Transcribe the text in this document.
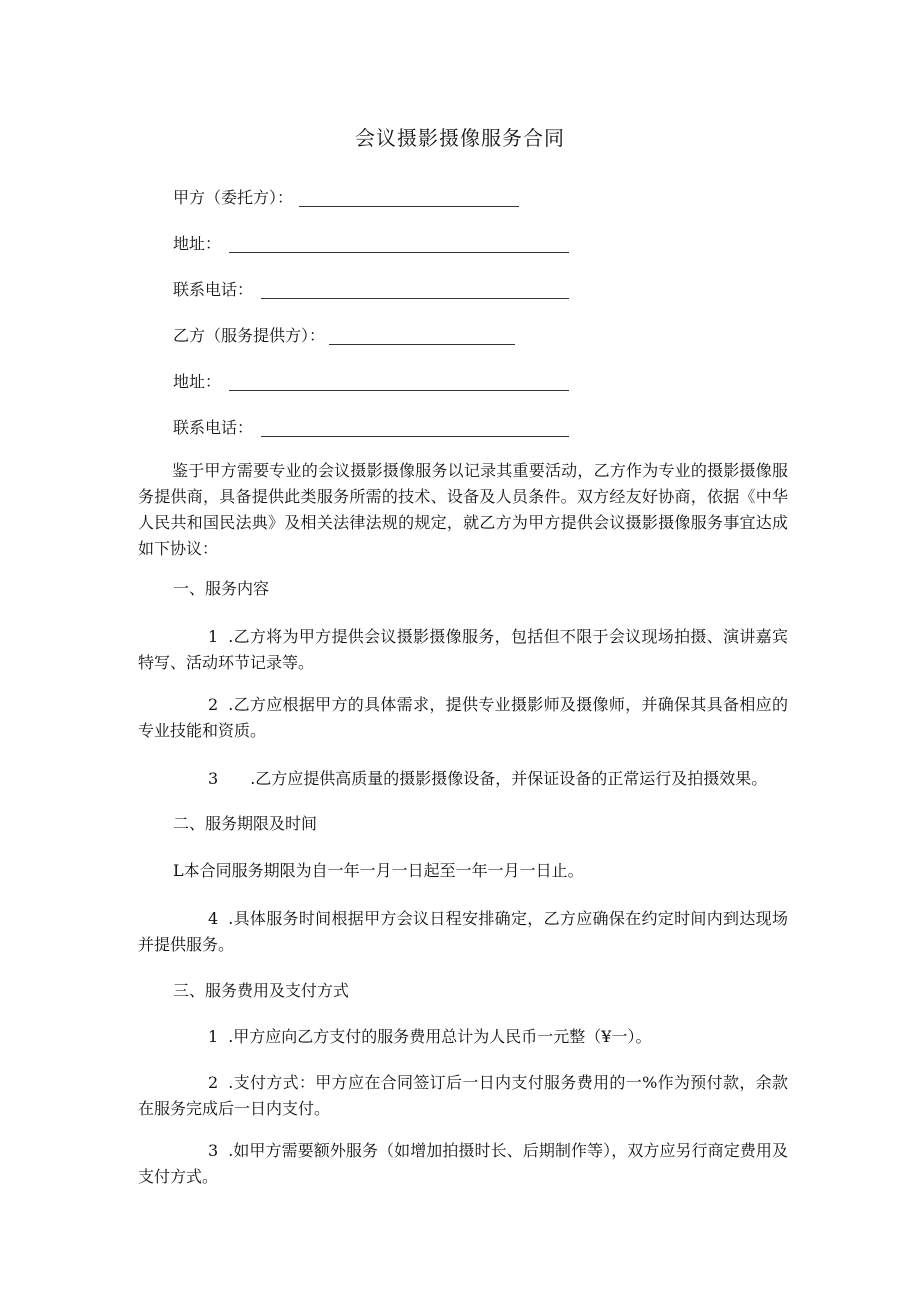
会议摄影摄像服务合同
甲方（委托方）：
地址：
联系电话：
乙方（服务提供方）：
地址：
联系电话：
鉴于甲方需要专业的会议摄影摄像服务以记录其重要活动，乙方作为专业的摄影摄像服务提供商，具备提供此类服务所需的技术、设备及人员条件。双方经友好协商，依据《中华人民共和国民法典》及相关法律法规的规定，就乙方为甲方提供会议摄影摄像服务事宜达成如下协议：
一、服务内容
1 .乙方将为甲方提供会议摄影摄像服务，包括但不限于会议现场拍摄、演讲嘉宾特写、活动环节记录等。
2 .乙方应根据甲方的具体需求，提供专业摄影师及摄像师，并确保其具备相应的专业技能和资质。
3 .乙方应提供高质量的摄影摄像设备，并保证设备的正常运行及拍摄效果。
二、服务期限及时间
L本合同服务期限为自一年一月一日起至一年一月一日止。
4 .具体服务时间根据甲方会议日程安排确定，乙方应确保在约定时间内到达现场并提供服务。
三、服务费用及支付方式
1 .甲方应向乙方支付的服务费用总计为人民币一元整（¥一）。
2 .支付方式：甲方应在合同签订后一日内支付服务费用的一%作为预付款，余款在服务完成后一日内支付。
3 .如甲方需要额外服务（如增加拍摄时长、后期制作等），双方应另行商定费用及支付方式。
